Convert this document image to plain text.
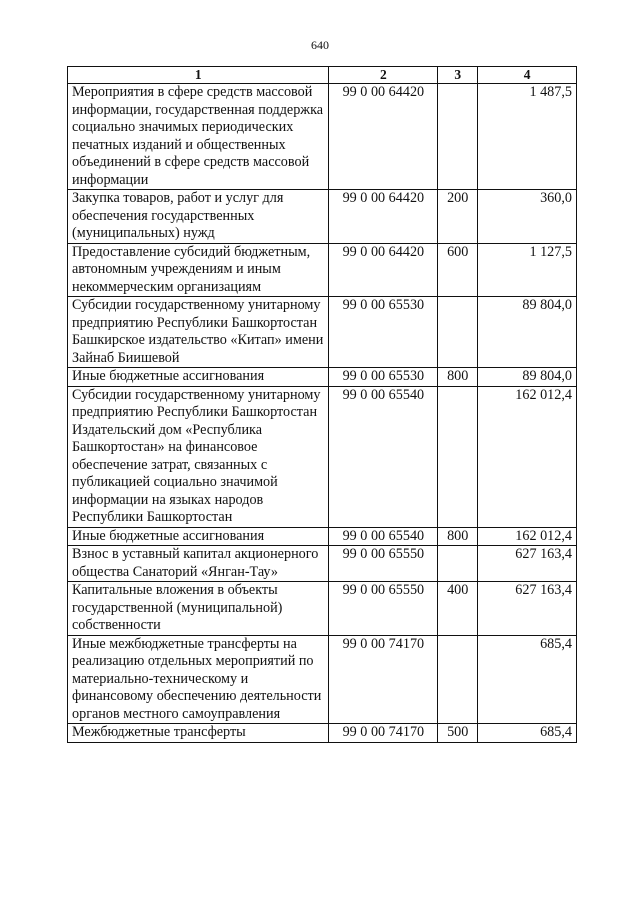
640
1	2	3	4
Мероприятия в сфере средств массовой информации, государственная поддержка социально значимых периодических печатных изданий и общественных объединений в сфере средств массовой информации	99 0 00 64420		1 487,5
Закупка товаров, работ и услуг для обеспечения государственных (муниципальных) нужд	99 0 00 64420	200	360,0
Предоставление субсидий бюджетным, автономным учреждениям и иным некоммерческим организациям	99 0 00 64420	600	1 127,5
Субсидии государственному унитарному предприятию Республики Башкортостан Башкирское издательство «Китап» имени Зайнаб Биишевой	99 0 00 65530		89 804,0
Иные бюджетные ассигнования	99 0 00 65530	800	89 804,0
Субсидии государственному унитарному предприятию Республики Башкортостан Издательский дом «Республика Башкортостан» на финансовое обеспечение затрат, связанных с публикацией социально значимой информации на языках народов Республики Башкортостан	99 0 00 65540		162 012,4
Иные бюджетные ассигнования	99 0 00 65540	800	162 012,4
Взнос в уставный капитал акционерного общества Санаторий «Янган-Тау»	99 0 00 65550		627 163,4
Капитальные вложения в объекты государственной (муниципальной) собственности	99 0 00 65550	400	627 163,4
Иные межбюджетные трансферты на реализацию отдельных мероприятий по материально-техническому и финансовому обеспечению деятельности органов местного самоуправления	99 0 00 74170		685,4
Межбюджетные трансферты	99 0 00 74170	500	685,4
